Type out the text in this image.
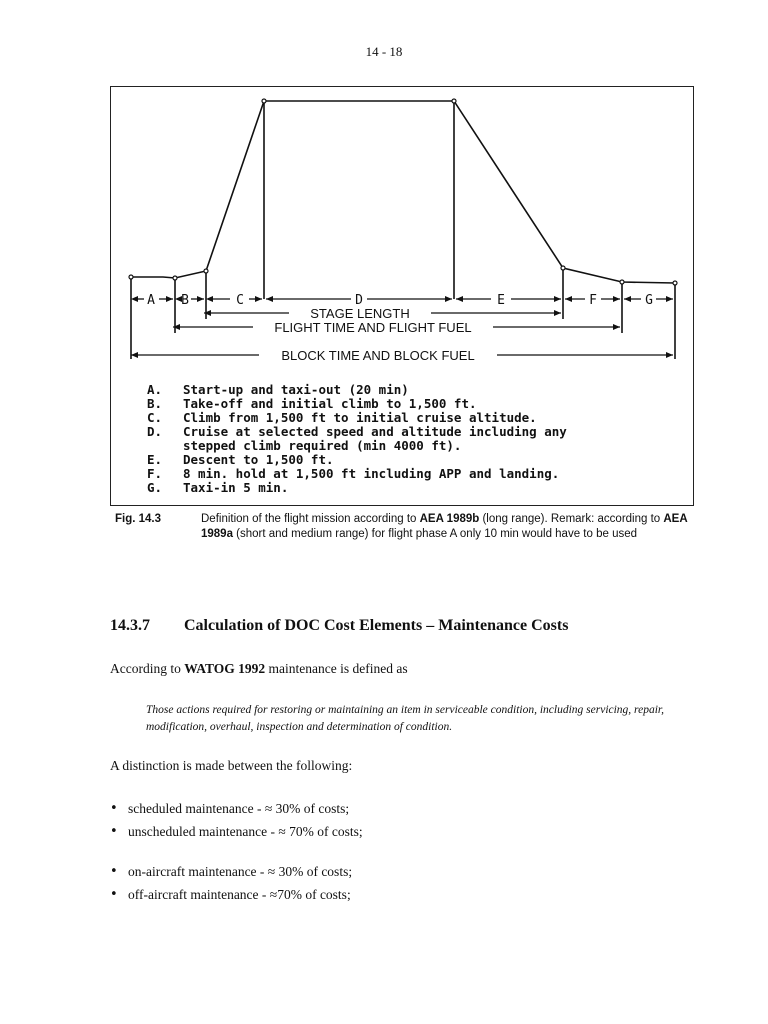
14 - 18
A B	C	D	E	F	G
STAGE LENGTH
FLIGHT TIME AND FLIGHT FUEL
BLOCK TIME AND BLOCK FUEL
A. Start-up and taxi-out (20 min)
B. Take-off and initial climb to 1,500 ft.
C. Climb from 1,500 ft to initial cruise altitude.
D. Cruise at selected speed and altitude including any
stepped climb required (min 4000 ft).
E. Descent to 1,500 ft.
F. 8 min. hold at 1,500 ft including APP and landing.
G. Taxi-in 5 min.
Fig. 14.3	Definition of the flight mission according to AEA 1989b (long range). Remark: according to AEA 1989a (short and medium range) for flight phase A only 10 min would have to be used
14.3.7 Calculation of DOC Cost Elements – Maintenance Costs
According to WATOG 1992 maintenance is defined as
Those actions required for restoring or maintaining an item in serviceable condition, including servicing, repair, modification, overhaul, inspection and determination of condition.
A distinction is made between the following:
• scheduled maintenance - ≈ 30% of costs;
• unscheduled maintenance - ≈ 70% of costs;
• on-aircraft maintenance - ≈ 30% of costs;
• off-aircraft maintenance - ≈70% of costs;
